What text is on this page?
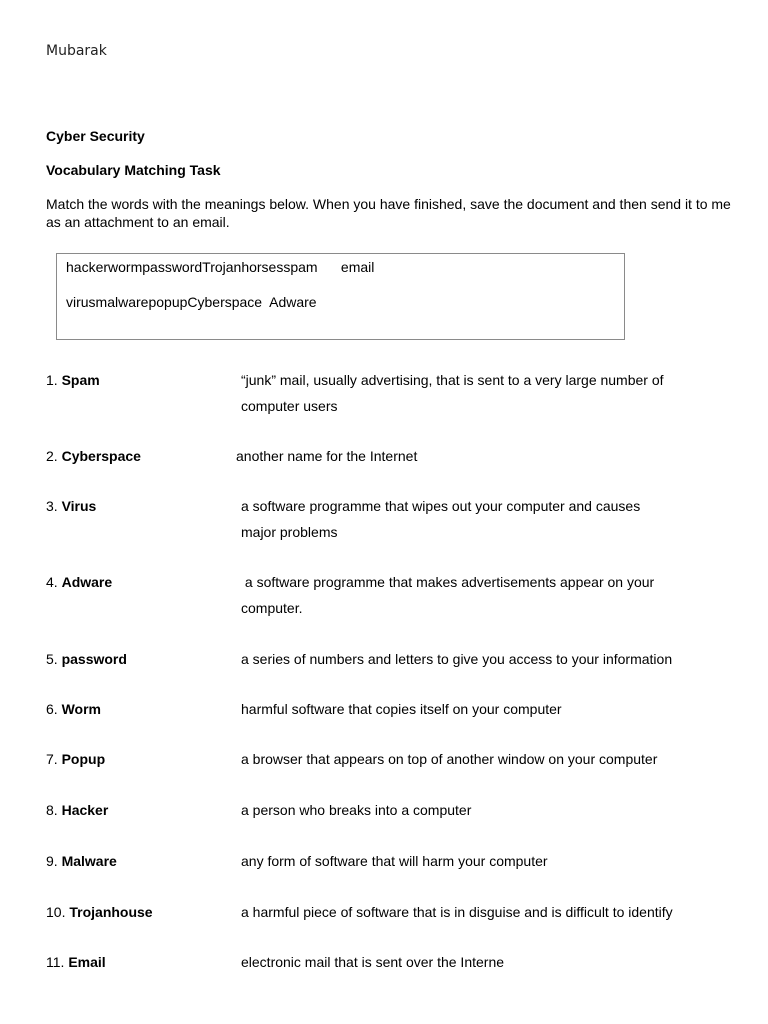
Mubarak
Cyber Security
Vocabulary Matching Task
Match the words with the meanings below. When you have finished, save the document and then send it to me as an attachment to an email.
hackerwormpasswordTrojanhorsesspam      email
virusmalwarepopupCyberspace  Adware
1. Spam	“junk” mail, usually advertising, that is sent to a very large number of
computer users
2. Cyberspace	another name for the Internet
3. Virus	a software programme that wipes out your computer and causes
major problems
4. Adware	a software programme that makes advertisements appear on your
computer.
5. password	a series of numbers and letters to give you access to your information
6. Worm	harmful software that copies itself on your computer
7. Popup	a browser that appears on top of another window on your computer
8. Hacker	a person who breaks into a computer
9. Malware	any form of software that will harm your computer
10. Trojanhouse	a harmful piece of software that is in disguise and is difficult to identify
11. Email	electronic mail that is sent over the Interne
